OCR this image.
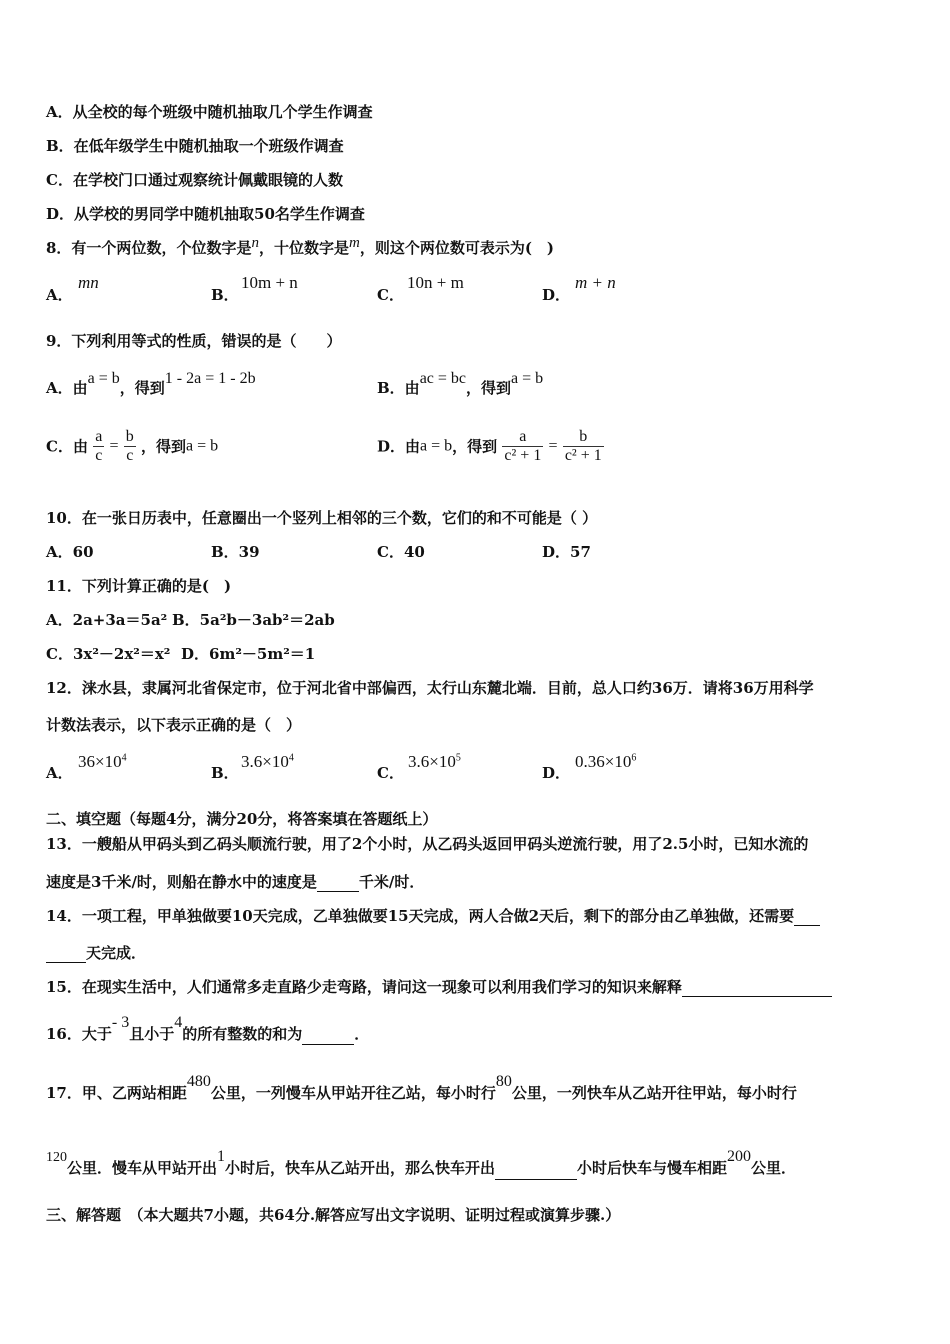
A．从全校的每个班级中随机抽取几个学生作调查
B．在低年级学生中随机抽取一个班级作调查
C．在学校门口通过观察统计佩戴眼镜的人数
D．从学校的男同学中随机抽取50名学生作调查
8．有一个两位数，个位数字是n，十位数字是m，则这个两位数可表示为(　)
A．
mn
B．
10m + n
C．
10n + m
D．
m + n
9．下列利用等式的性质，错误的是（　　）
A．由a = b，得到1 - 2a = 1 - 2b
B．由ac = bc，得到a = b
C．由 $\frac{a}{c} = \frac{b}{c}$ ，得到a = b	D．由a = b，得到 $\frac{a}{\text{c² + 1}} = \frac{b}{\text{c² + 1}}$
10．在一张日历表中，任意圈出一个竖列上相邻的三个数，它们的和不可能是（ ）
A．60	B．39	C．40	D．57
11．下列计算正确的是(　)
A．2a+3a＝5a² B．5a²b－3ab²＝2ab
C．3x²－2x²＝x² D．6m²－5m²＝1
12．涞水县，隶属河北省保定市，位于河北省中部偏西，太行山东麓北端．目前，总人口约36万．请将36万用科学
计数法表示，以下表示正确的是（　）
A．
$36\times 10^4$
B．
$3.6\times 10^4$
C．
$3.6\times 10^5$
D．
$0.36\times 10^6$
二、填空题（每题4分，满分20分，将答案填在答题纸上）
13．一艘船从甲码头到乙码头顺流行驶，用了2个小时，从乙码头返回甲码头逆流行驶，用了2.5小时，已知水流的
速度是3千米/时，则船在静水中的速度是	千米/时．
14．一项工程，甲单独做要10天完成，乙单独做要15天完成，两人合做2天后，剩下的部分由乙单独做，还需要
天完成．
15．在现实生活中，人们通常多走直路少走弯路，请问这一现象可以利用我们学习的知识来解释
16．大于- 3且小于4的所有整数的和为	．
17．甲、乙两站相距480公里，一列慢车从甲站开往乙站，每小时行80公里，一列快车从乙站开往甲站，每小时行
120公里．慢车从甲站开出1小时后，快车从乙站开出，那么快车开出	小时后快车与慢车相距200公里．
三、解答题　（本大题共7小题，共64分.解答应写出文字说明、证明过程或演算步骤.）
